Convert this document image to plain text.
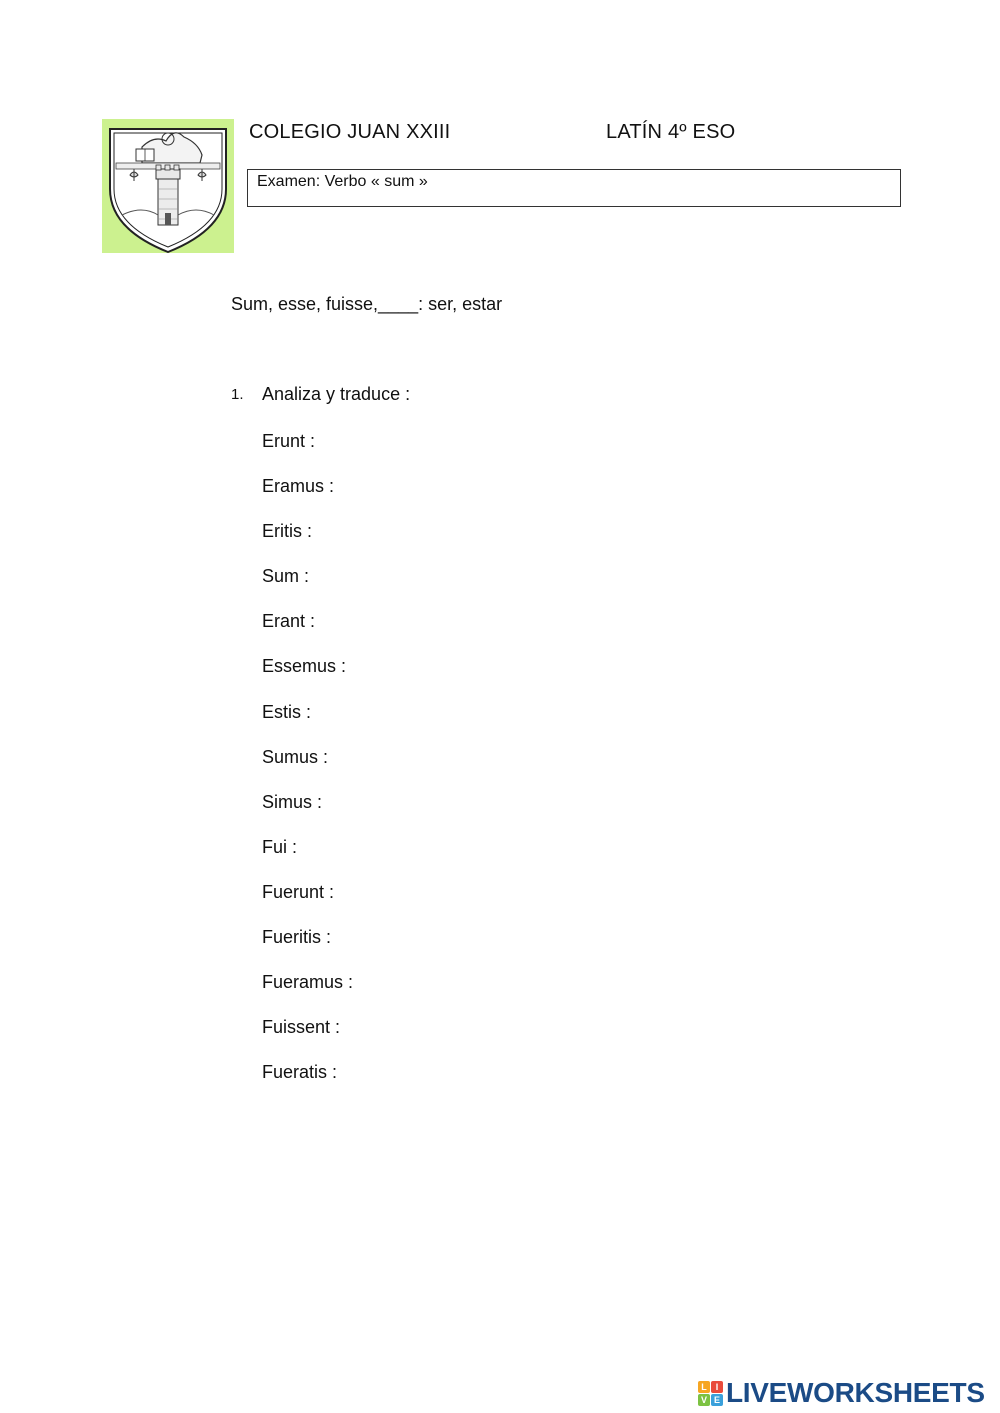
COLEGIO JUAN XXIII	LATÍN 4º ESO
Examen: Verbo « sum »
Sum, esse, fuisse,____: ser, estar
1. Analiza y traduce :
Erunt :
Eramus :
Eritis :
Sum :
Erant :
Essemus :
Estis :
Sumus :
Simus :
Fui :
Fuerunt :
Fueritis :
Fueramus :
Fuissent :
Fueratis :
L I
V E LIVEWORKSHEETS
